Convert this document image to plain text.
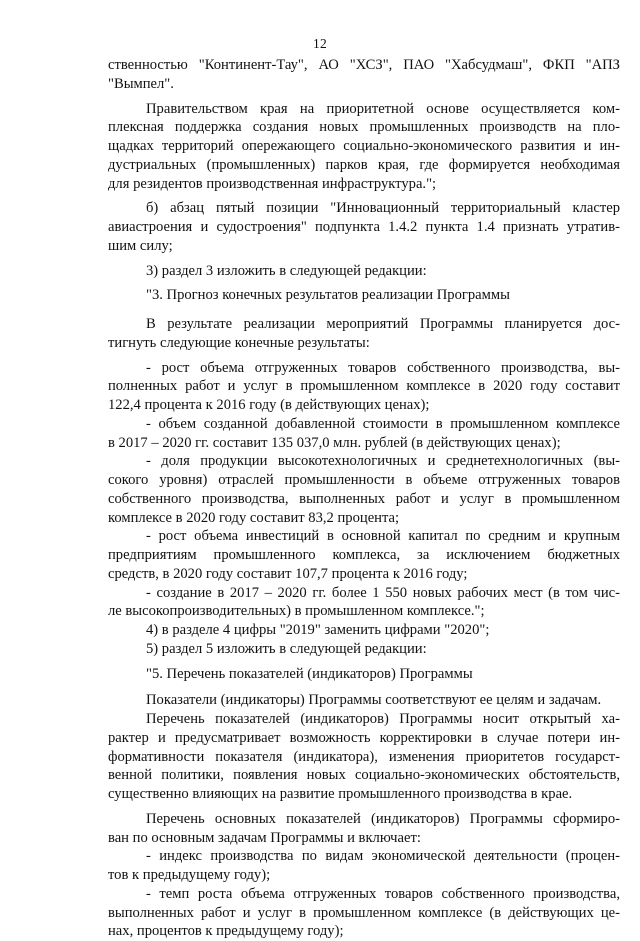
12
ственностью "Континент-Тау", АО "ХСЗ", ПАО "Хабсудмаш", ФКП "АПЗ
"Вымпел".
Правительством края на приоритетной основе осуществляется ком-
плексная поддержка создания новых промышленных производств на пло-
щадках территорий опережающего социально-экономического развития и ин-
дустриальных (промышленных) парков края, где формируется необходимая
для резидентов производственная инфраструктура.";
б) абзац пятый позиции "Инновационный территориальный кластер
авиастроения и судостроения" подпункта 1.4.2 пункта 1.4 признать утратив-
шим силу;
3) раздел 3 изложить в следующей редакции:
"3. Прогноз конечных результатов реализации Программы
В результате реализации мероприятий Программы планируется дос-
тигнуть следующие конечные результаты:
- рост объема отгруженных товаров собственного производства, вы-
полненных работ и услуг в промышленном комплексе в 2020 году составит
122,4 процента к 2016 году (в действующих ценах);
- объем созданной добавленной стоимости в промышленном комплексе
в 2017 – 2020 гг. составит 135 037,0 млн. рублей (в действующих ценах);
- доля продукции высокотехнологичных и среднетехнологичных (вы-
сокого уровня) отраслей промышленности в объеме отгруженных товаров
собственного производства, выполненных работ и услуг в промышленном
комплексе в 2020 году составит 83,2 процента;
- рост объема инвестиций в основной капитал по средним и крупным
предприятиям промышленного комплекса, за исключением бюджетных
средств, в 2020 году составит 107,7 процента к 2016 году;
- создание в 2017 – 2020 гг. более 1 550 новых рабочих мест (в том чис-
ле высокопроизводительных) в промышленном комплексе.";
4) в разделе 4 цифры "2019" заменить цифрами "2020";
5) раздел 5 изложить в следующей редакции:
"5. Перечень показателей (индикаторов) Программы
Показатели (индикаторы) Программы соответствуют ее целям и задачам.
Перечень показателей (индикаторов) Программы носит открытый ха-
рактер и предусматривает возможность корректировки в случае потери ин-
формативности показателя (индикатора), изменения приоритетов государст-
венной политики, появления новых социально-экономических обстоятельств,
существенно влияющих на развитие промышленного производства в крае.
Перечень основных показателей (индикаторов) Программы сформиро-
ван по основным задачам Программы и включает:
- индекс производства по видам экономической деятельности (процен-
тов к предыдущему году);
- темп роста объема отгруженных товаров собственного производства,
выполненных работ и услуг в промышленном комплексе (в действующих це-
нах, процентов к предыдущему году);
